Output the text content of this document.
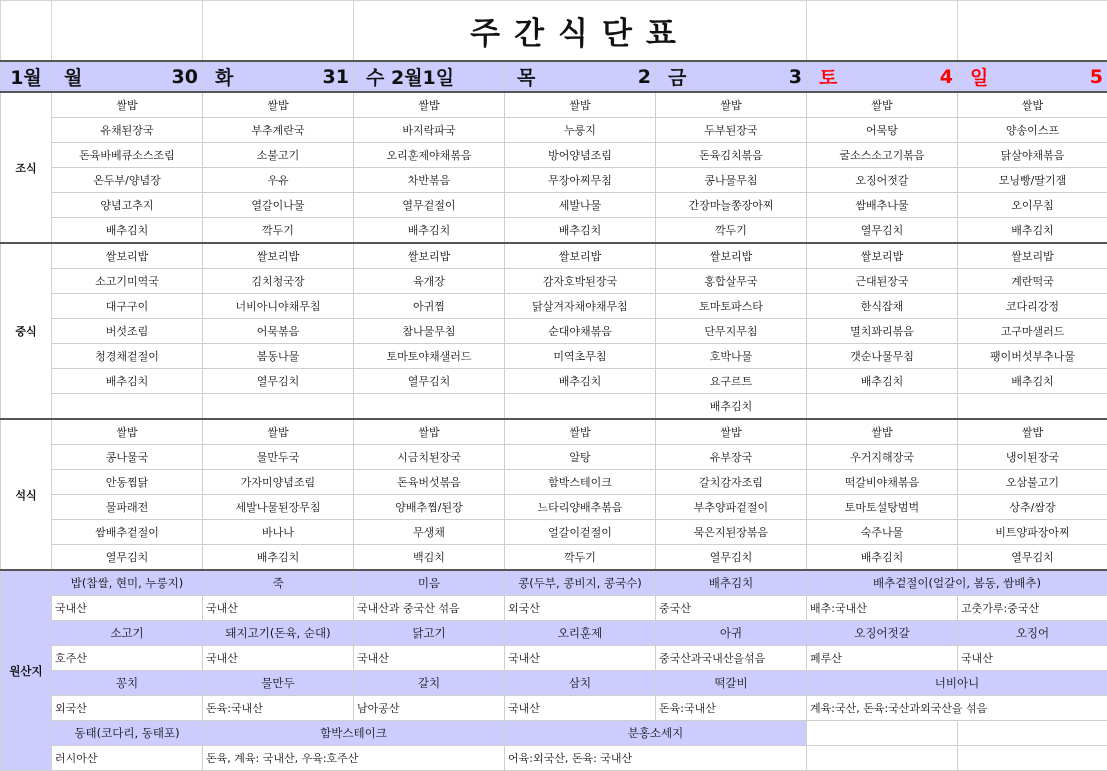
			주간식단표				
1월	월 30	화 31	수 2월1일	목 2	금 3	토 4	일 5

조식	쌀밥	쌀밥	쌀밥	쌀밥	쌀밥	쌀밥	쌀밥
	유채된장국	부추계란국	바지락파국	누룽지	두부된장국	어묵탕	양송이스프
	돈육바베큐소스조림	소불고기	오리훈제야채볶음	방어양념조림	돈육김치볶음	굴소스소고기볶음	닭살야채볶음
	온두부/양념장	우유	차반볶음	무장아찌무침	콩나물무침	오징어젓갈	모닝빵/딸기잼
	양념고추지	열갈이나물	열무겉절이	세발나물	간장마늘쫑장아찌	쌈배추나물	오이무침
	배추김치	깍두기	배추김치	배추김치	깍두기	열무김치	배추김치
중식	쌀보리밥	쌀보리밥	쌀보리밥	쌀보리밥	쌀보리밥	쌀보리밥	쌀보리밥
	소고기미역국	김치청국장	육개장	감자호박된장국	홍합살무국	근대된장국	계란떡국
	대구구이	너비아니야채무침	아귀찜	닭살겨자채야채무침	토마토파스타	한식잡채	코다리강정
	버섯조림	어묵볶음	참나물무침	순대야채볶음	단무지무침	멸치꽈리볶음	고구마샐러드
	청경채겉절이	봄동나물	토마토야채샐러드	미역초무침	호박나물	갯순나물무침	팽이버섯부추나물
	배추김치	열무김치	열무김치	배추김치	요구르트	배추김치	배추김치
					배추김치		
석식	쌀밥	쌀밥	쌀밥	쌀밥	쌀밥	쌀밥	쌀밥
	콩나물국	물만두국	시금치된장국	알탕	유부장국	우거지해장국	냉이된장국
	안동찜닭	가자미양념조림	돈육버섯볶음	함박스테이크	갈치감자조림	떡갈비야채볶음	오삼불고기
	물파래전	세발나물된장무침	양배추찜/된장	느타리양배추볶음	부추양파겉절이	토마토설탕범벅	상추/쌈장
	쌈배추겉절이	바나나	무생채	얼갈이겉절이	묵은지된장볶음	숙주나물	비트양파장아찌
	열무김치	배추김치	백김치	깍두기	열무김치	배추김치	열무김치
원산지	밥(찹쌀, 현미, 누룽지)	죽	미음	콩(두부, 콩비지, 콩국수)	배추김치	배추겉절이(얼갈이, 봄동, 쌈배추)	
	국내산	국내산	국내산과 중국산 섞음	외국산	중국산	배추:국내산	고춧가루:중국산
	소고기	돼지고기(돈육, 순대)	닭고기	오리훈제	아귀	오징어젓갈	오징어
	호주산	국내산	국내산	국내산	중국산과국내산을섞음	페루산	국내산
	꽁치	물만두	갈치	삼치	떡갈비	너비아니	
	외국산	돈육:국내산	남아공산	국내산	돈육:국내산	계육:국산, 돈육:국산과외국산을 섞음	
	동태(코다리, 동태포)	함박스테이크		분홍소세지			
	러시아산	돈육, 계육: 국내산, 우육:호주산		어육:외국산, 돈육: 국내산			
